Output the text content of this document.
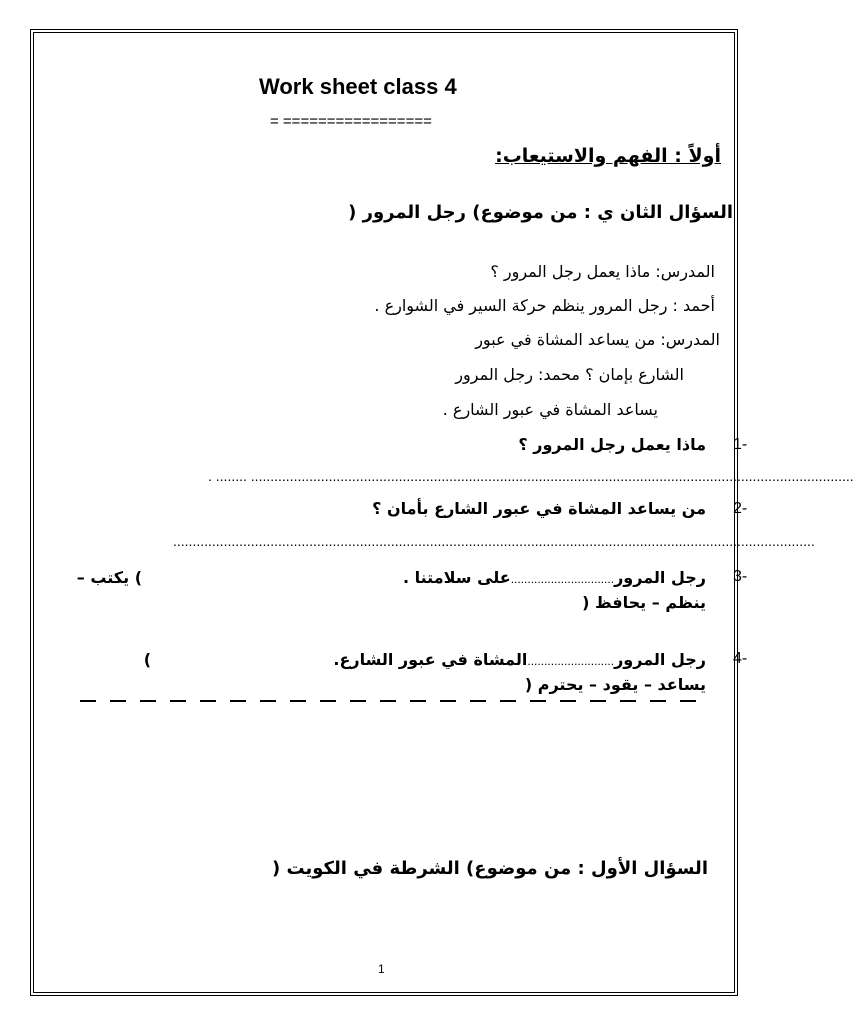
Work sheet class 4
= =================
أولاً : الفهم والاستيعاب:
السؤال الثان ي : من موضوع) رجل المرور (
المدرس: ماذا يعمل رجل المرور ؟
أحمد : رجل المرور ينظم حركة السير في الشوارع .
المدرس: من يساعد المشاة في عبور
الشارع بإمان ؟ محمد: رجل المرور
يساعد المشاة في عبور الشارع .
1-
ماذا يعمل رجل المرور ؟
. ........ ...........................................................................................................................................................
2-
من يساعد المشاة في عبور الشارع بأمان ؟
.....................................................................................................................................................................
3-
رجل المرور...............................على سلامتنا .
) يكتب –
ينظم – يحافظ (
4-
رجل المرور..........................المشاة في عبور الشارع.
)
يساعد – يقود – يحترم (
السؤال الأول : من موضوع) الشرطة في الكويت (
1
